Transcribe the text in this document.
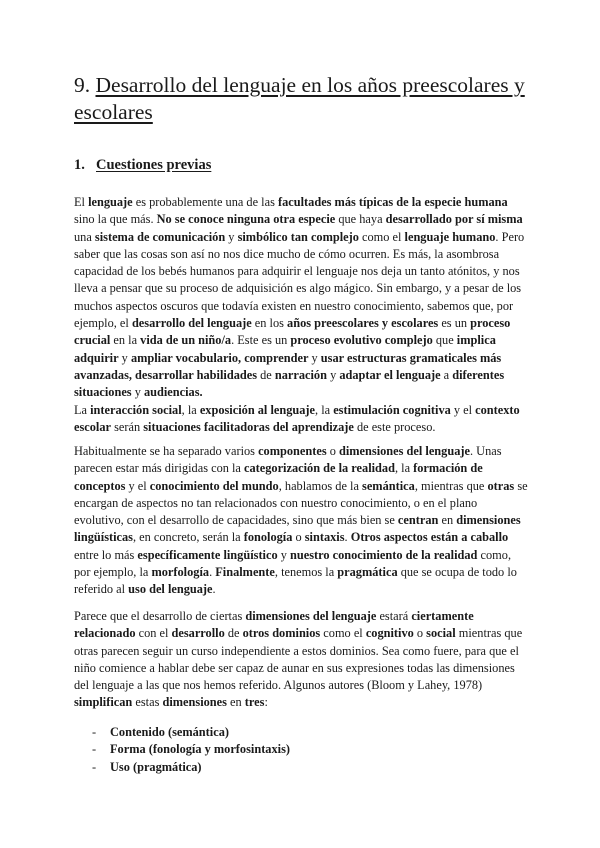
9. Desarrollo del lenguaje en los años preescolares y escolares
1. Cuestiones previas

El lenguaje es probablemente una de las facultades más típicas de la especie humana sino la que más. No se conoce ninguna otra especie que haya desarrollado por sí misma una sistema de comunicación y simbólico tan complejo como el lenguaje humano. Pero saber que las cosas son así no nos dice mucho de cómo ocurren. Es más, la asombrosa capacidad de los bebés humanos para adquirir el lenguaje nos deja un tanto atónitos, y nos lleva a pensar que su proceso de adquisición es algo mágico. Sin embargo, y a pesar de los muchos aspectos oscuros que todavía existen en nuestro conocimiento, sabemos que, por ejemplo, el desarrollo del lenguaje en los años preescolares y escolares es un proceso crucial en la vida de un niño/a. Este es un proceso evolutivo complejo que implica adquirir y ampliar vocabulario, comprender y usar estructuras gramaticales más avanzadas, desarrollar habilidades de narración y adaptar el lenguaje a diferentes situaciones y audiencias.
La interacción social, la exposición al lenguaje, la estimulación cognitiva y el contexto escolar serán situaciones facilitadoras del aprendizaje de este proceso.

Habitualmente se ha separado varios componentes o dimensiones del lenguaje. Unas parecen estar más dirigidas con la categorización de la realidad, la formación de conceptos y el conocimiento del mundo, hablamos de la semántica, mientras que otras se encargan de aspectos no tan relacionados con nuestro conocimiento, o en el plano evolutivo, con el desarrollo de capacidades, sino que más bien se centran en dimensiones lingüísticas, en concreto, serán la fonología o sintaxis. Otros aspectos están a caballo entre lo más específicamente lingüístico y nuestro conocimiento de la realidad como, por ejemplo, la morfología. Finalmente, tenemos la pragmática que se ocupa de todo lo referido al uso del lenguaje.

Parece que el desarrollo de ciertas dimensiones del lenguaje estará ciertamente relacionado con el desarrollo de otros dominios como el cognitivo o social mientras que otras parecen seguir un curso independiente a estos dominios. Sea como fuere, para que el niño comience a hablar debe ser capaz de aunar en sus expresiones todas las dimensiones del lenguaje a las que nos hemos referido. Algunos autores (Bloom y Lahey, 1978) simplifican estas dimensiones en tres:

- Contenido (semántica)
- Forma (fonología y morfosintaxis)
- Uso (pragmática)
